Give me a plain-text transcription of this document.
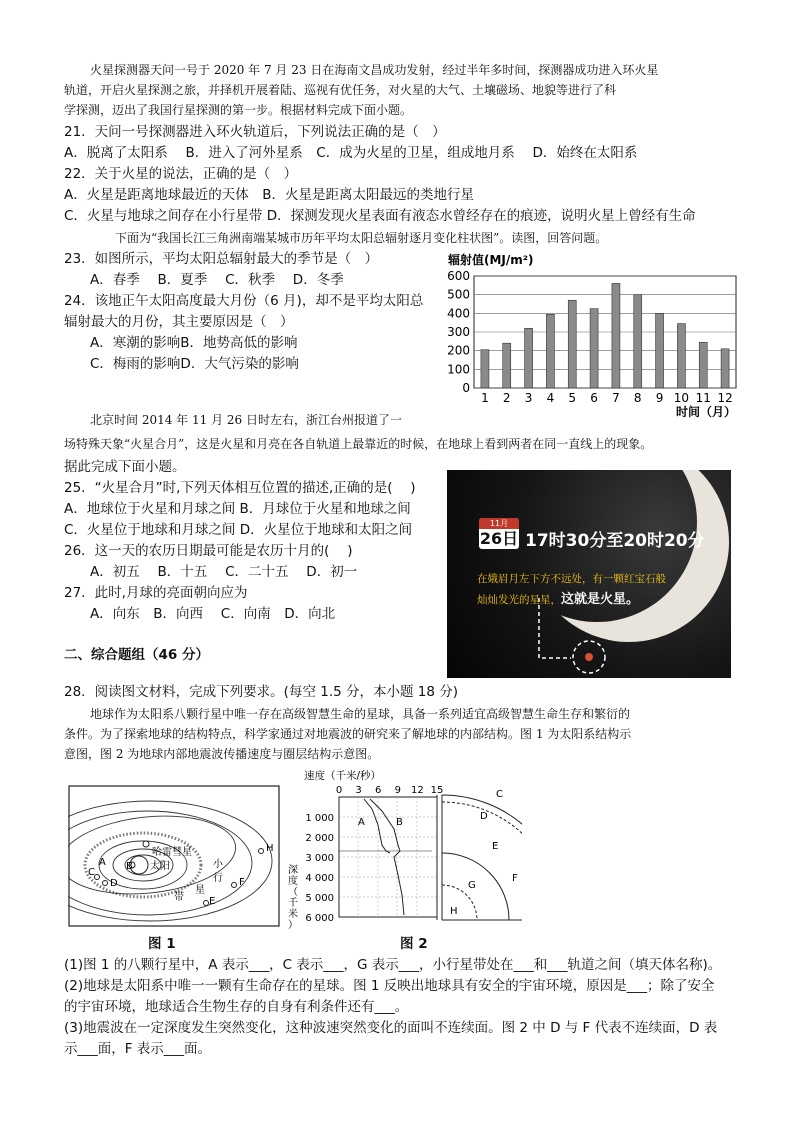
火星探测器天问一号于 2020 年 7 月 23 日在海南文昌成功发射，经过半年多时间，探测器成功进入环火星
轨道，开启火星探测之旅，并择机开展着陆、巡视有优任务，对火星的大气、土壤磁场、地貌等进行了科
学探测，迈出了我国行星探测的第一步。根据材料完成下面小题。
21．天问一号探测器进入环火轨道后，下列说法正确的是（　）
A．脱离了太阳系　 B．进入了河外星系　C．成为火星的卫星，组成地月系　 D．始终在太阳系
22．关于火星的说法，正确的是（　）
A．火星是距离地球最近的天体　B．火星是距离太阳最远的类地行星
C．火星与地球之间存在小行星带 D．探测发现火星表面有液态水曾经存在的痕迹，说明火星上曾经有生命
下面为“我国长江三角洲南端某城市历年平均太阳总辐射逐月变化柱状图”。读图，回答问题。
23．如图所示，平均太阳总辐射最大的季节是（　）
A．春季　 B．夏季　 C．秋季　 D．冬季
24．该地正午太阳高度最大月份（6 月)，却不是平均太阳总
辐射最大的月份，其主要原因是（　）
A．寒潮的影响B．地势高低的影响
C．梅雨的影响D．大气污染的影响
辐射值(MJ/m²)
0
100
200
300
400
500
600
1 2 3 4 5 6 7 8 9 10 11 12
时间（月）
北京时间 2014 年 11 月 26 日时左右，浙江台州报道了一
场特殊天象“火星合月”，这是火星和月亮在各自轨道上最靠近的时候，在地球上看到两者在同一直线上的现象。
据此完成下面小题。
25．“火星合月”时,下列天体相互位置的描述,正确的是(　 )
A．地球位于火星和月球之间 B．月球位于火星和地球之间
C．火星位于地球和月球之间 D．火星位于地球和太阳之间
26．这一天的农历日期最可能是农历十月的(　 )
A．初五　 B．十五　 C．二十五　 D．初一
27．此时,月球的亮面朝向应为
A．向东　B．向西　 C．向南　D．向北
11月
26日 17时30分至20时20分
在娥眉月左下方不远处，有一颗红宝石般
灿灿发光的星星，这就是火星。
二、综合题组（46 分）
28．阅读图文材料，完成下列要求。(每空 1.5 分，本小题 18 分)
地球作为太阳系八颗行星中唯一存在高级智慧生命的星球，具备一系列适宜高级智慧生命生存和繁衍的
条件。为了探索地球的结构特点，科学家通过对地震波的研究来了解地球的内部结构。图 1 为太阳系结构示
意图，图 2 为地球内部地震波传播速度与圈层结构示意图。
太阳
哈雷彗星
A B
C
D
E
F
H
小
行
星
带
图 1
速度（千米/秒）
0 3 6 9 12 15
1 000
2 000
3 000
4 000
5 000
6 000
深
度
（
千
米
）
A	B
C
D
E
F
G
H
图 2
(1)图 1 的八颗行星中，A 表示___，C 表示___，G 表示___，小行星带处在___和___轨道之间（填天体名称)。
(2)地球是太阳系中唯一一颗有生命存在的星球。图 1 反映出地球具有安全的宇宙环境，原因是___；除了安全
的宇宙环境，地球适合生物生存的自身有利条件还有___。
(3)地震波在一定深度发生突然变化，这种波速突然变化的面叫不连续面。图 2 中 D 与 F 代表不连续面，D 表
示___面，F 表示___面。
